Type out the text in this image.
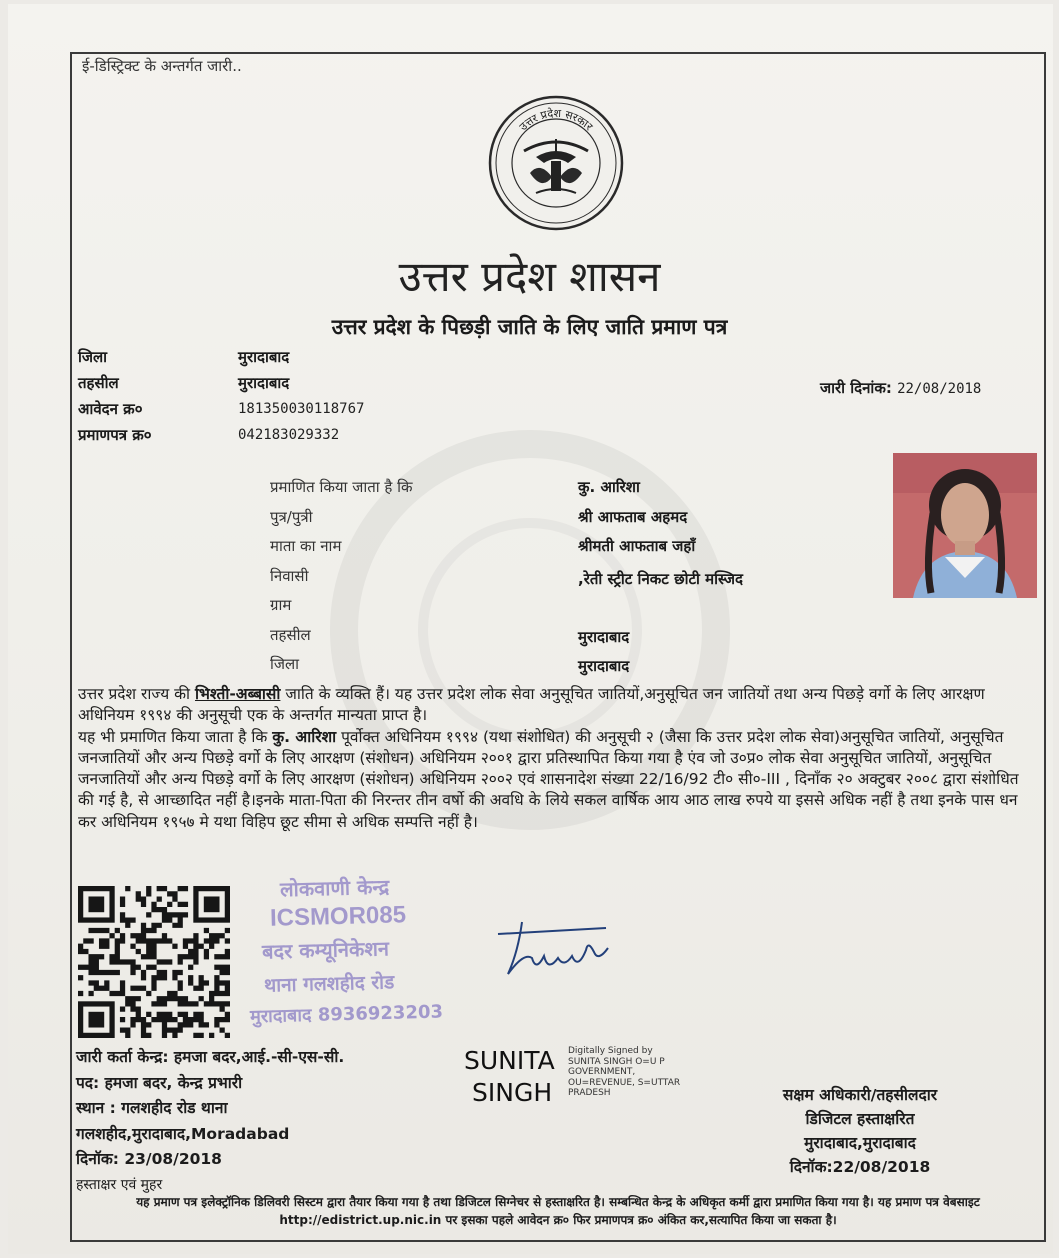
ई-डिस्ट्रिक्ट के अन्तर्गत जारी..
उत्तर प्रदेश सरकार
उत्तर प्रदेश शासन
उत्तर प्रदेश के पिछड़ी जाति के लिए जाति प्रमाण पत्र
जिला	मुरादाबाद
तहसील	मुरादाबाद
आवेदन क्र०	181350030118767
प्रमाणपत्र क्र०	042183029332
जारी दिनांक: 22/08/2018
प्रमाणित किया जाता है कि	कु. आरिशा
पुत्र/पुत्री	श्री आफताब अहमद
माता का नाम	श्रीमती आफताब जहाँ
निवासी	,रेती स्ट्रीट निकट छोटी मस्जिद
ग्राम
तहसील	मुरादाबाद
जिला	मुरादाबाद
उत्तर प्रदेश राज्य की भिश्ती-अब्बासी जाति के व्यक्ति हैं। यह उत्तर प्रदेश लोक सेवा अनुसूचित जातियों,अनुसूचित जन जातियों तथा अन्य पिछड़े वर्गो के लिए आरक्षण अधिनियम १९९४ की अनुसूची एक के अन्तर्गत मान्यता प्राप्त है।
यह भी प्रमाणित किया जाता है कि कु. आरिशा पूर्वोक्त अधिनियम १९९४ (यथा संशोधित) की अनुसूची २ (जैसा कि उत्तर प्रदेश लोक सेवा)अनुसूचित जातियों, अनुसूचित जनजातियों और अन्य पिछड़े वर्गो के लिए आरक्षण (संशोधन) अधिनियम २००१ द्वारा प्रतिस्थापित किया गया है एंव जो उ०प्र० लोक सेवा अनुसूचित जातियों, अनुसूचित जनजातियों और अन्य पिछड़े वर्गो के लिए आरक्षण (संशोधन) अधिनियम २००२ एवं शासनादेश संख्या 22/16/92 टी० सी०-III , दिनाँक २० अक्टुबर २००८ द्वारा संशोधित की गई है, से आच्छादित नहीं है।इनके माता-पिता की निरन्तर तीन वर्षो की अवधि के लिये सकल वार्षिक आय आठ लाख रुपये या इससे अधिक नहीं है तथा इनके पास धन कर अधिनियम १९५७ मे यथा विहिप छूट सीमा से अधिक सम्पत्ति नहीं है।
लोकवाणी केन्द्र
ICSMOR085
बदर कम्यूनिकेशन
थाना गलशहीद रोड
मुरादाबाद 8936923203
जारी कर्ता केन्द्र: हमजा बदर,आई.-सी-एस-सी.
पद: हमजा बदर, केन्द्र प्रभारी
स्थान : गलशहीद रोड थाना
गलशहीद,मुरादाबाद,Moradabad
दिनॉक: 23/08/2018
हस्ताक्षर एवं मुहर
SUNITA
SINGH
Digitally Signed by
SUNITA SINGH O=U P
GOVERNMENT,
OU=REVENUE, S=UTTAR
PRADESH	सक्षम अधिकारी/तहसीलदार
डिजिटल हस्ताक्षरित
मुरादाबाद,मुरादाबाद
दिनॉक:22/08/2018
यह प्रमाण पत्र इलेक्ट्रॉनिक डिलिवरी सिस्टम द्वारा तैयार किया गया है तथा डिजिटल सिग्नेचर से हस्ताक्षरित है। सम्बन्धित केन्द्र के अधिकृत कर्मी द्वारा प्रमाणित किया गया है। यह प्रमाण पत्र वेबसाइट http://edistrict.up.nic.in पर इसका पहले आवेदन क्र० फिर प्रमाणपत्र क्र० अंकित कर,सत्यापित किया जा सकता है।
